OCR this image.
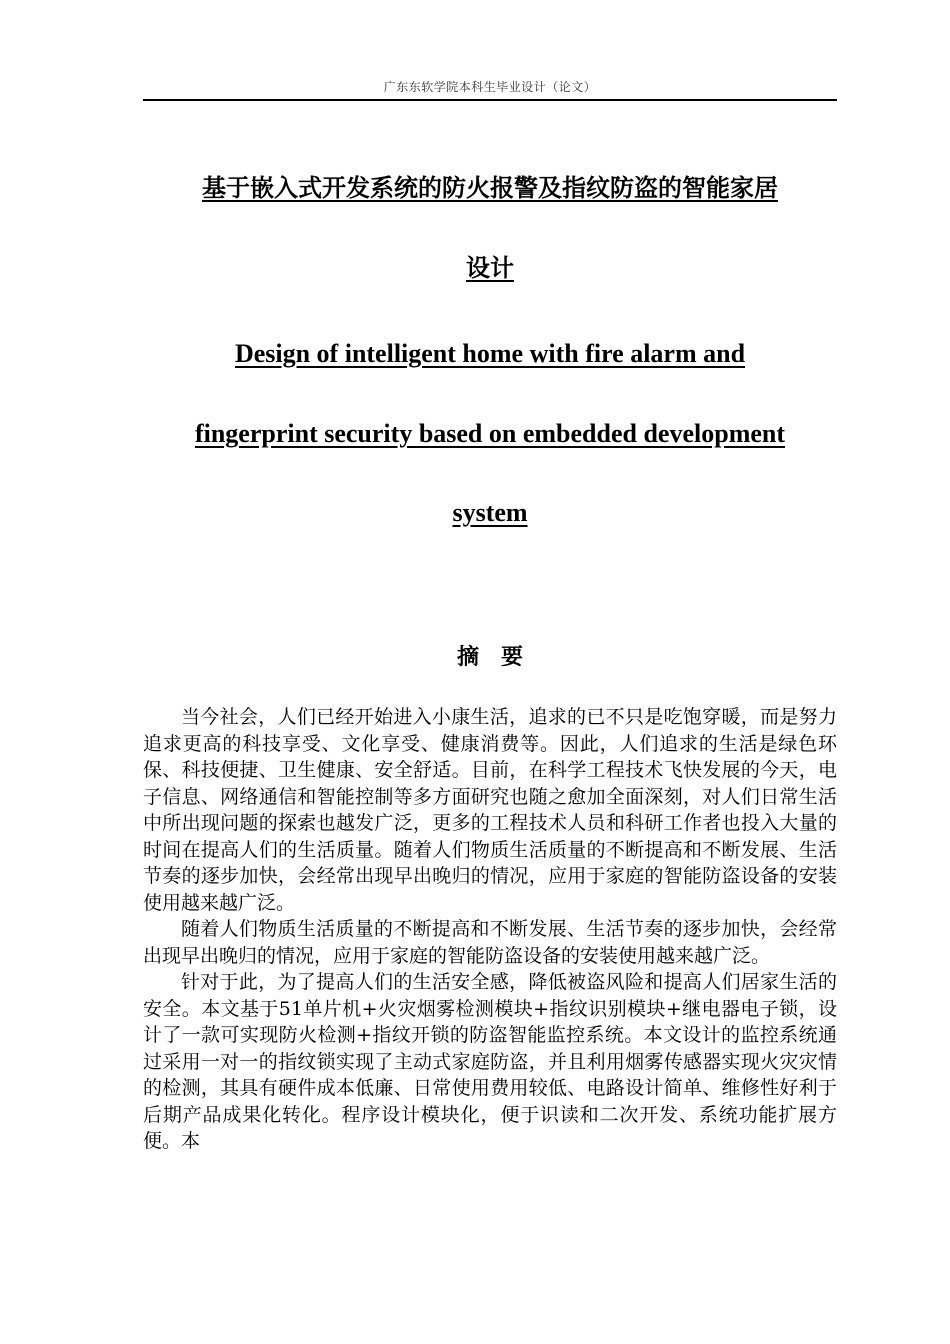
广东东软学院本科生毕业设计（论文）
基于嵌入式开发系统的防火报警及指纹防盗的智能家居
设计
Design of intelligent home with fire alarm and
fingerprint security based on embedded development
system
摘要

当今社会，人们已经开始进入小康生活，追求的已不只是吃饱穿暖，而是努力追求更高的科技享受、文化享受、健康消费等。因此，人们追求的生活是绿色环保、科技便捷、卫生健康、安全舒适。目前，在科学工程技术飞快发展的今天，电子信息、网络通信和智能控制等多方面研究也随之愈加全面深刻，对人们日常生活中所出现问题的探索也越发广泛，更多的工程技术人员和科研工作者也投入大量的时间在提高人们的生活质量。随着人们物质生活质量的不断提高和不断发展、生活节奏的逐步加快，会经常出现早出晚归的情况，应用于家庭的智能防盗设备的安装使用越来越广泛。

随着人们物质生活质量的不断提高和不断发展、生活节奏的逐步加快，会经常出现早出晚归的情况，应用于家庭的智能防盗设备的安装使用越来越广泛。

针对于此，为了提高人们的生活安全感，降低被盗风险和提高人们居家生活的安全。本文基于51单片机+火灾烟雾检测模块+指纹识别模块+继电器电子锁，设计了一款可实现防火检测+指纹开锁的防盗智能监控系统。本文设计的监控系统通过采用一对一的指纹锁实现了主动式家庭防盗，并且利用烟雾传感器实现火灾灾情的检测，其具有硬件成本低廉、日常使用费用较低、电路设计简单、维修性好利于后期产品成果化转化。程序设计模块化，便于识读和二次开发、系统功能扩展方便。本
